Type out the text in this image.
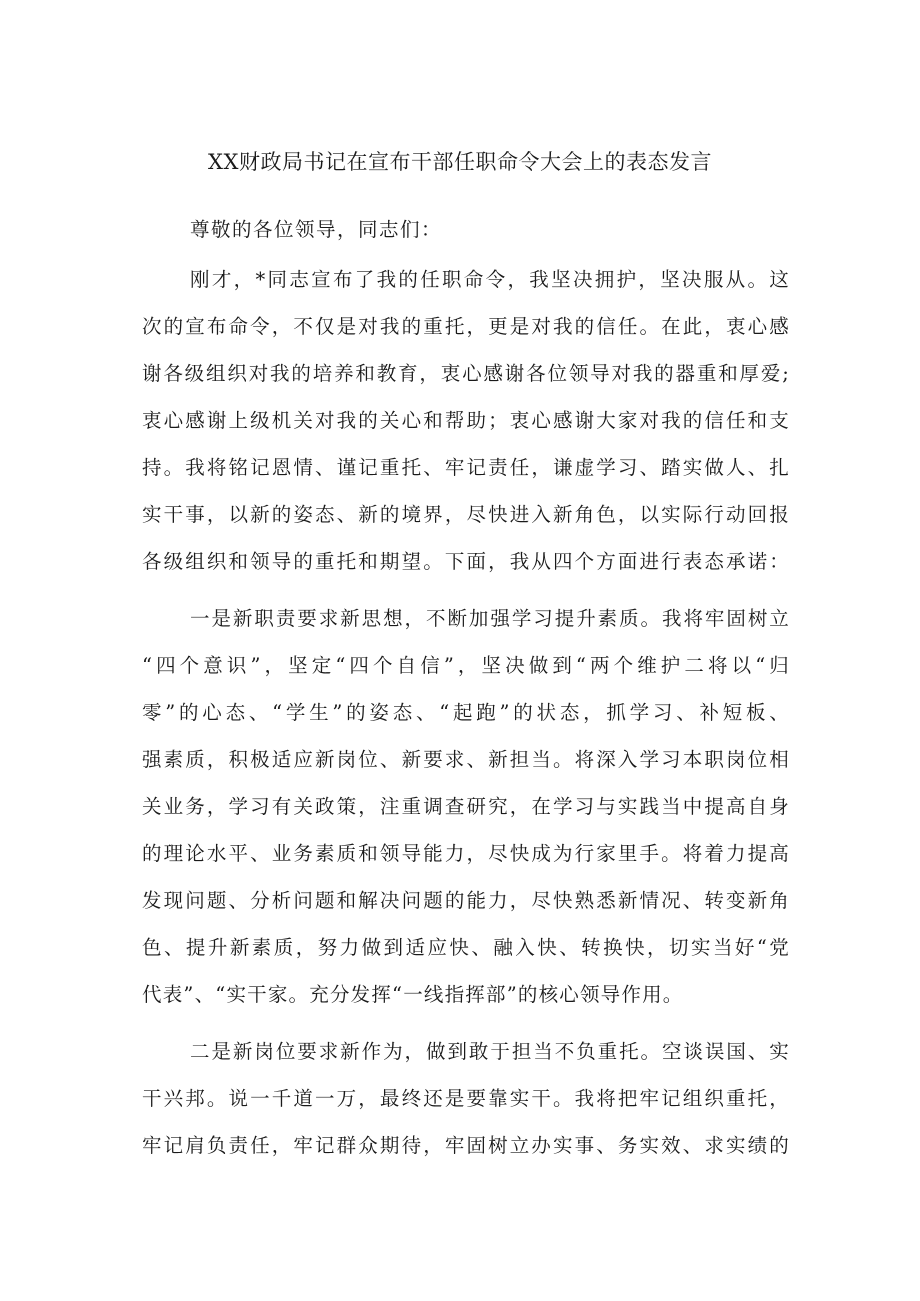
XX财政局书记在宣布干部任职命令大会上的表态发言

尊敬的各位领导，同志们：

刚才，*同志宣布了我的任职命令，我坚决拥护，坚决服从。这
次的宣布命令，不仅是对我的重托，更是对我的信任。在此，衷心感
谢各级组织对我的培养和教育，衷心感谢各位领导对我的器重和厚爱;
衷心感谢上级机关对我的关心和帮助；衷心感谢大家对我的信任和支
持。我将铭记恩情、谨记重托、牢记责任，谦虚学习、踏实做人、扎
实干事，以新的姿态、新的境界，尽快进入新角色，以实际行动回报
各级组织和领导的重托和期望。下面，我从四个方面进行表态承诺：
一是新职责要求新思想，不断加强学习提升素质。我将牢固树立
“四个意识”，坚定“四个自信”，坚决做到“两个维护二将以“归
零”的心态、“学生”的姿态、“起跑”的状态，抓学习、补短板、
强素质，积极适应新岗位、新要求、新担当。将深入学习本职岗位相
关业务，学习有关政策，注重调查研究，在学习与实践当中提高自身
的理论水平、业务素质和领导能力，尽快成为行家里手。将着力提高
发现问题、分析问题和解决问题的能力，尽快熟悉新情况、转变新角
色、提升新素质，努力做到适应快、融入快、转换快，切实当好“党
代表”、“实干家。充分发挥“一线指挥部”的核心领导作用。
二是新岗位要求新作为，做到敢于担当不负重托。空谈误国、实
干兴邦。说一千道一万，最终还是要靠实干。我将把牢记组织重托，
牢记肩负责任，牢记群众期待，牢固树立办实事、务实效、求实绩的
